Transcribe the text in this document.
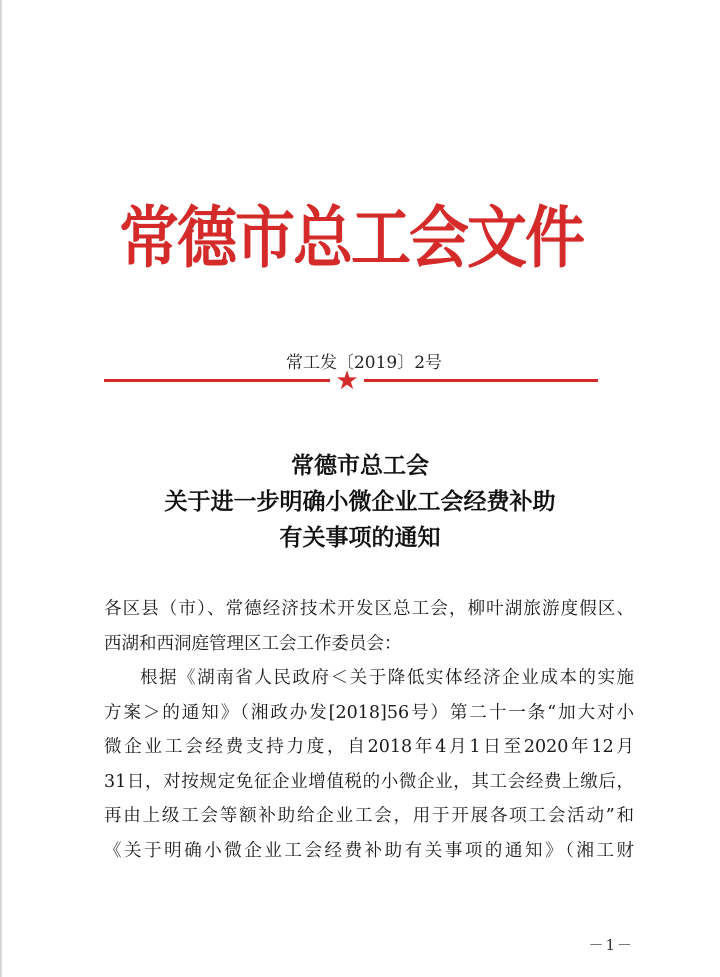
常德市总工会文件
常工发〔2019〕2号
★
常德市总工会
关于进一步明确小微企业工会经费补助
有关事项的通知
各区县（市）、常德经济技术开发区总工会，柳叶湖旅游度假区、
西湖和西洞庭管理区工会工作委员会：
根据《湖南省人民政府＜关于降低实体经济企业成本的实施
方案＞的通知》（湘政办发[2018]56号）第二十一条“加大对小
微企业工会经费支持力度，自2018年4月1日至2020年12月
31日，对按规定免征企业增值税的小微企业，其工会经费上缴后，
再由上级工会等额补助给企业工会，用于开展各项工会活动”和
《关于明确小微企业工会经费补助有关事项的通知》（湘工财
－1－
